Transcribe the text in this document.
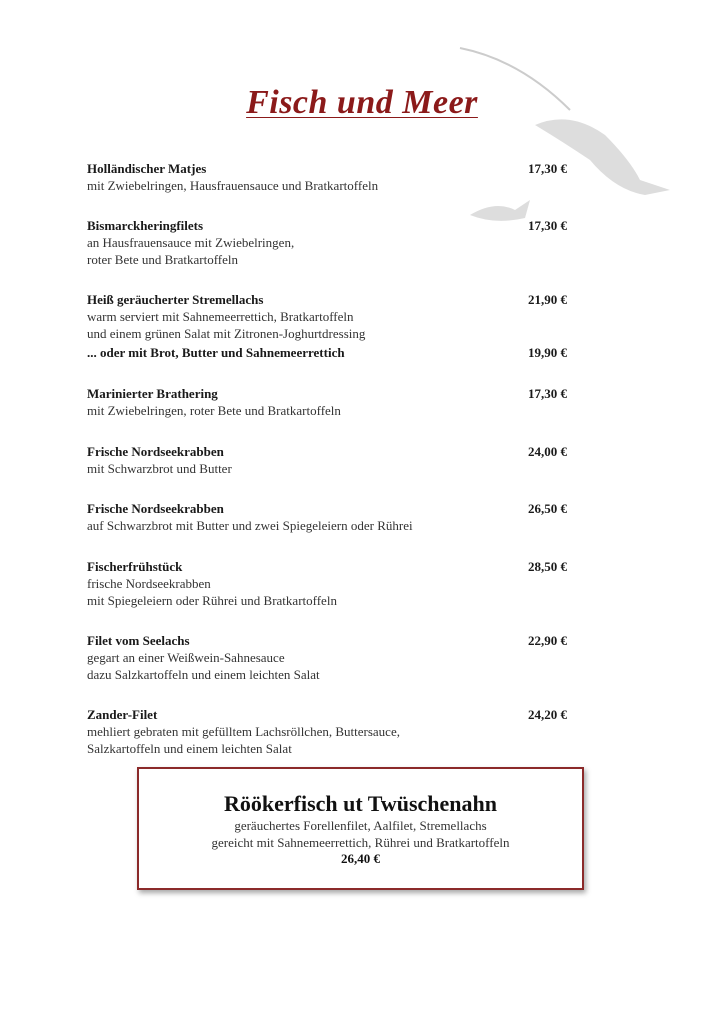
Fisch und Meer
Holländischer Matjes	17,30 €
mit Zwiebelringen, Hausfrauensauce und Bratkartoffeln
Bismarckheringfilets	17,30 €
an Hausfrauensauce mit Zwiebelringen,
roter Bete und Bratkartoffeln
Heiß geräucherter Stremellachs	21,90 €
warm serviert mit Sahnemeerrettich, Bratkartoffeln
und einem grünen Salat mit Zitronen-Joghurtdressing
... oder mit Brot, Butter und Sahnemeerrettich	19,90 €
Marinierter Brathering	17,30 €
mit Zwiebelringen, roter Bete und Bratkartoffeln
Frische Nordseekrabben	24,00 €
mit Schwarzbrot und Butter
Frische Nordseekrabben	26,50 €
auf Schwarzbrot mit Butter und zwei Spiegeleiern oder Rührei
Fischerfrühstück	28,50 €
frische Nordseekrabben
mit Spiegeleiern oder Rührei und Bratkartoffeln
Filet vom Seelachs	22,90 €
gegart an einer Weißwein-Sahnesauce
dazu Salzkartoffeln und einem leichten Salat
Zander-Filet	24,20 €
mehliert gebraten mit gefülltem Lachsröllchen, Buttersauce,
Salzkartoffeln und einem leichten Salat
Röökerfisch ut Twüschenahn
geräuchertes Forellenfilet, Aalfilet, Stremellachs
gereicht mit Sahnemeerrettich, Rührei und Bratkartoffeln
26,40 €
